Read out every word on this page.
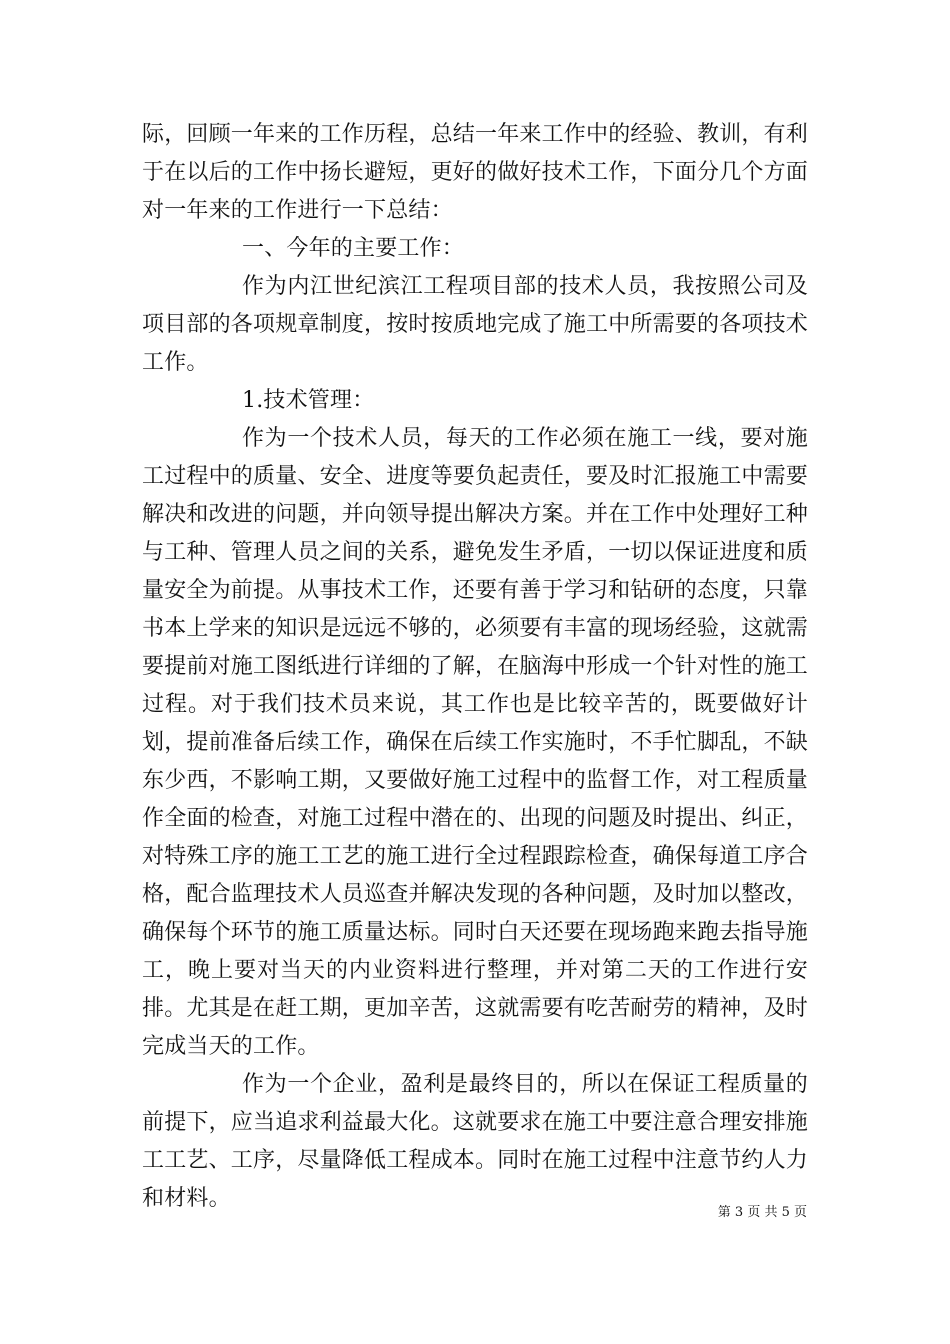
际，回顾一年来的工作历程，总结一年来工作中的经验、教训，有利于在以后的工作中扬长避短，更好的做好技术工作，下面分几个方面对一年来的工作进行一下总结：

一、今年的主要工作：

作为内江世纪滨江工程项目部的技术人员，我按照公司及项目部的各项规章制度，按时按质地完成了施工中所需要的各项技术工作。

1.技术管理：

作为一个技术人员，每天的工作必须在施工一线，要对施工过程中的质量、安全、进度等要负起责任，要及时汇报施工中需要解决和改进的问题，并向领导提出解决方案。并在工作中处理好工种与工种、管理人员之间的关系，避免发生矛盾，一切以保证进度和质量安全为前提。从事技术工作，还要有善于学习和钻研的态度，只靠书本上学来的知识是远远不够的，必须要有丰富的现场经验，这就需要提前对施工图纸进行详细的了解，在脑海中形成一个针对性的施工过程。对于我们技术员来说，其工作也是比较辛苦的，既要做好计划，提前准备后续工作，确保在后续工作实施时，不手忙脚乱，不缺东少西，不影响工期，又要做好施工过程中的监督工作，对工程质量作全面的检查，对施工过程中潜在的、出现的问题及时提出、纠正，对特殊工序的施工工艺的施工进行全过程跟踪检查，确保每道工序合格，配合监理技术人员巡查并解决发现的各种问题，及时加以整改，确保每个环节的施工质量达标。同时白天还要在现场跑来跑去指导施工，晚上要对当天的内业资料进行整理，并对第二天的工作进行安排。尤其是在赶工期，更加辛苦，这就需要有吃苦耐劳的精神，及时完成当天的工作。

作为一个企业，盈利是最终目的，所以在保证工程质量的前提下，应当追求利益最大化。这就要求在施工中要注意合理安排施工工艺、工序，尽量降低工程成本。同时在施工过程中注意节约人力和材料。

第 3 页 共 5 页
